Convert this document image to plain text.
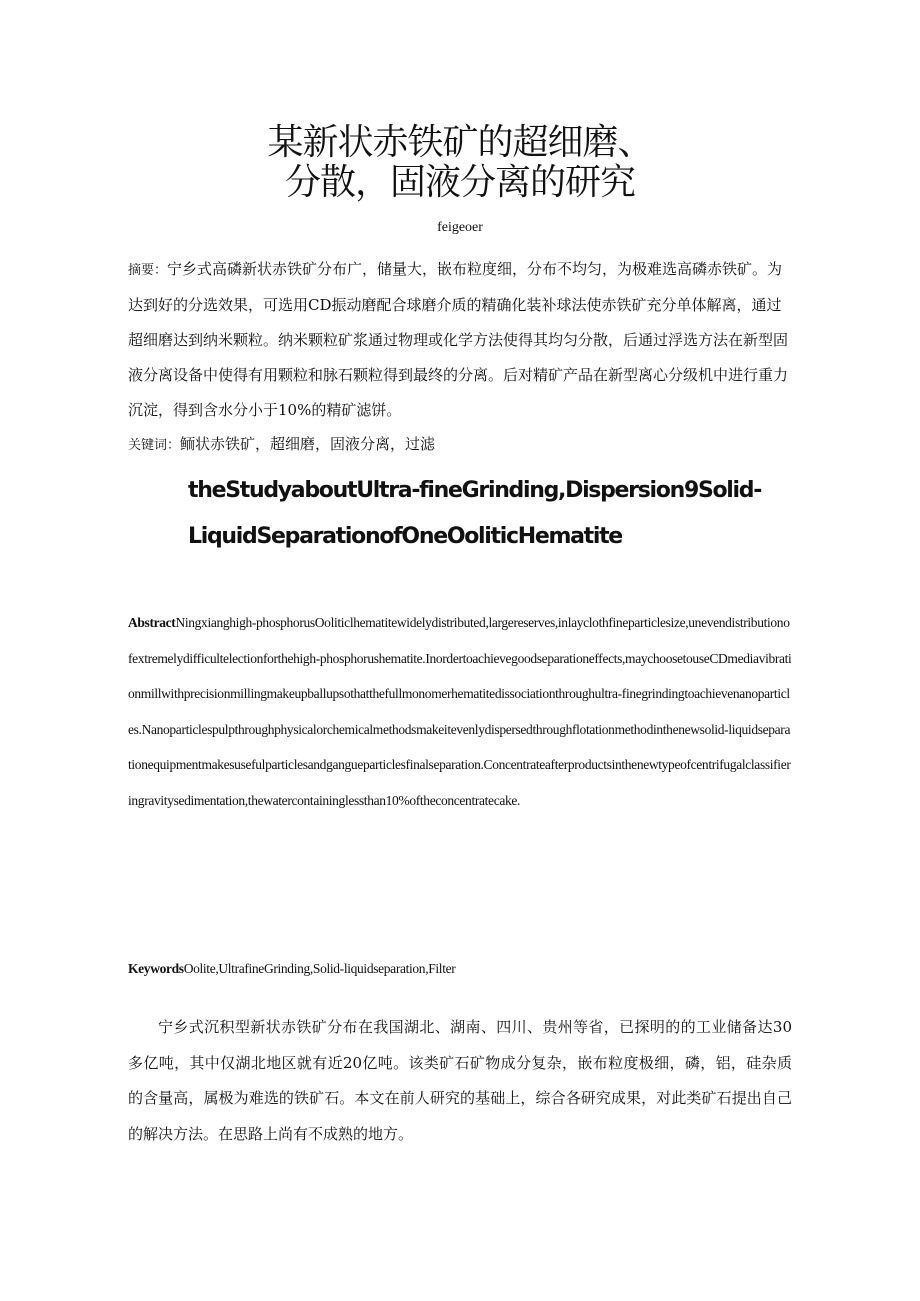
某新状赤铁矿的超细磨、
分散，固液分离的研究
feigeoer
摘要：宁乡式高磷新状赤铁矿分布广，储量大，嵌布粒度细，分布不均匀，为极难选高磷赤铁矿。为达到好的分选效果，可选用CD振动磨配合球磨介质的精确化装补球法使赤铁矿充分单体解离，通过超细磨达到纳米颗粒。纳米颗粒矿浆通过物理或化学方法使得其均匀分散，后通过浮选方法在新型固液分离设备中使得有用颗粒和脉石颗粒得到最终的分离。后对精矿产品在新型离心分级机中进行重力沉淀，得到含水分小于10%的精矿滤饼。
关键词：鲕状赤铁矿，超细磨，固液分离，过滤
theStudyaboutUltra-fineGrinding,Dispersion9Solid-
LiquidSeparationofOneOoliticHematite
AbstractNingxianghigh-phosphorusOoliticlhematitewidelydistributed,largereserves,inlayclothfineparticlesize,unevendistributionofextremelydifficultelectionforthehigh-phosphorushematite.Inordertoachievegoodseparationeffects,maychoosetouseCDmediavibrationmillwithprecisionmillingmakeupballupsothatthefullmonomerhematitedissociationthroughultra-finegrindingtoachievenanoparticles.Nanoparticlespulpthroughphysicalorchemicalmethodsmakeitevenlydispersedthroughflotationmethodinthenewsolid-liquidseparationequipmentmakesusefulparticlesandgangueparticlesfinalseparation.Concentrateafterproductsinthenewtypeofcentrifugalclassifieringravitysedimentation,thewatercontaininglessthan10%oftheconcentratecake.
KeywordsOolite,UltrafineGrinding,Solid-liquidseparation,Filter
宁乡式沉积型新状赤铁矿分布在我国湖北、湖南、四川、贵州等省，已探明的的工业储备达30多亿吨，其中仅湖北地区就有近20亿吨。该类矿石矿物成分复杂，嵌布粒度极细，磷，铝，硅杂质的含量高，属极为难选的铁矿石。本文在前人研究的基础上，综合各研究成果，对此类矿石提出自己的解决方法。在思路上尚有不成熟的地方。
